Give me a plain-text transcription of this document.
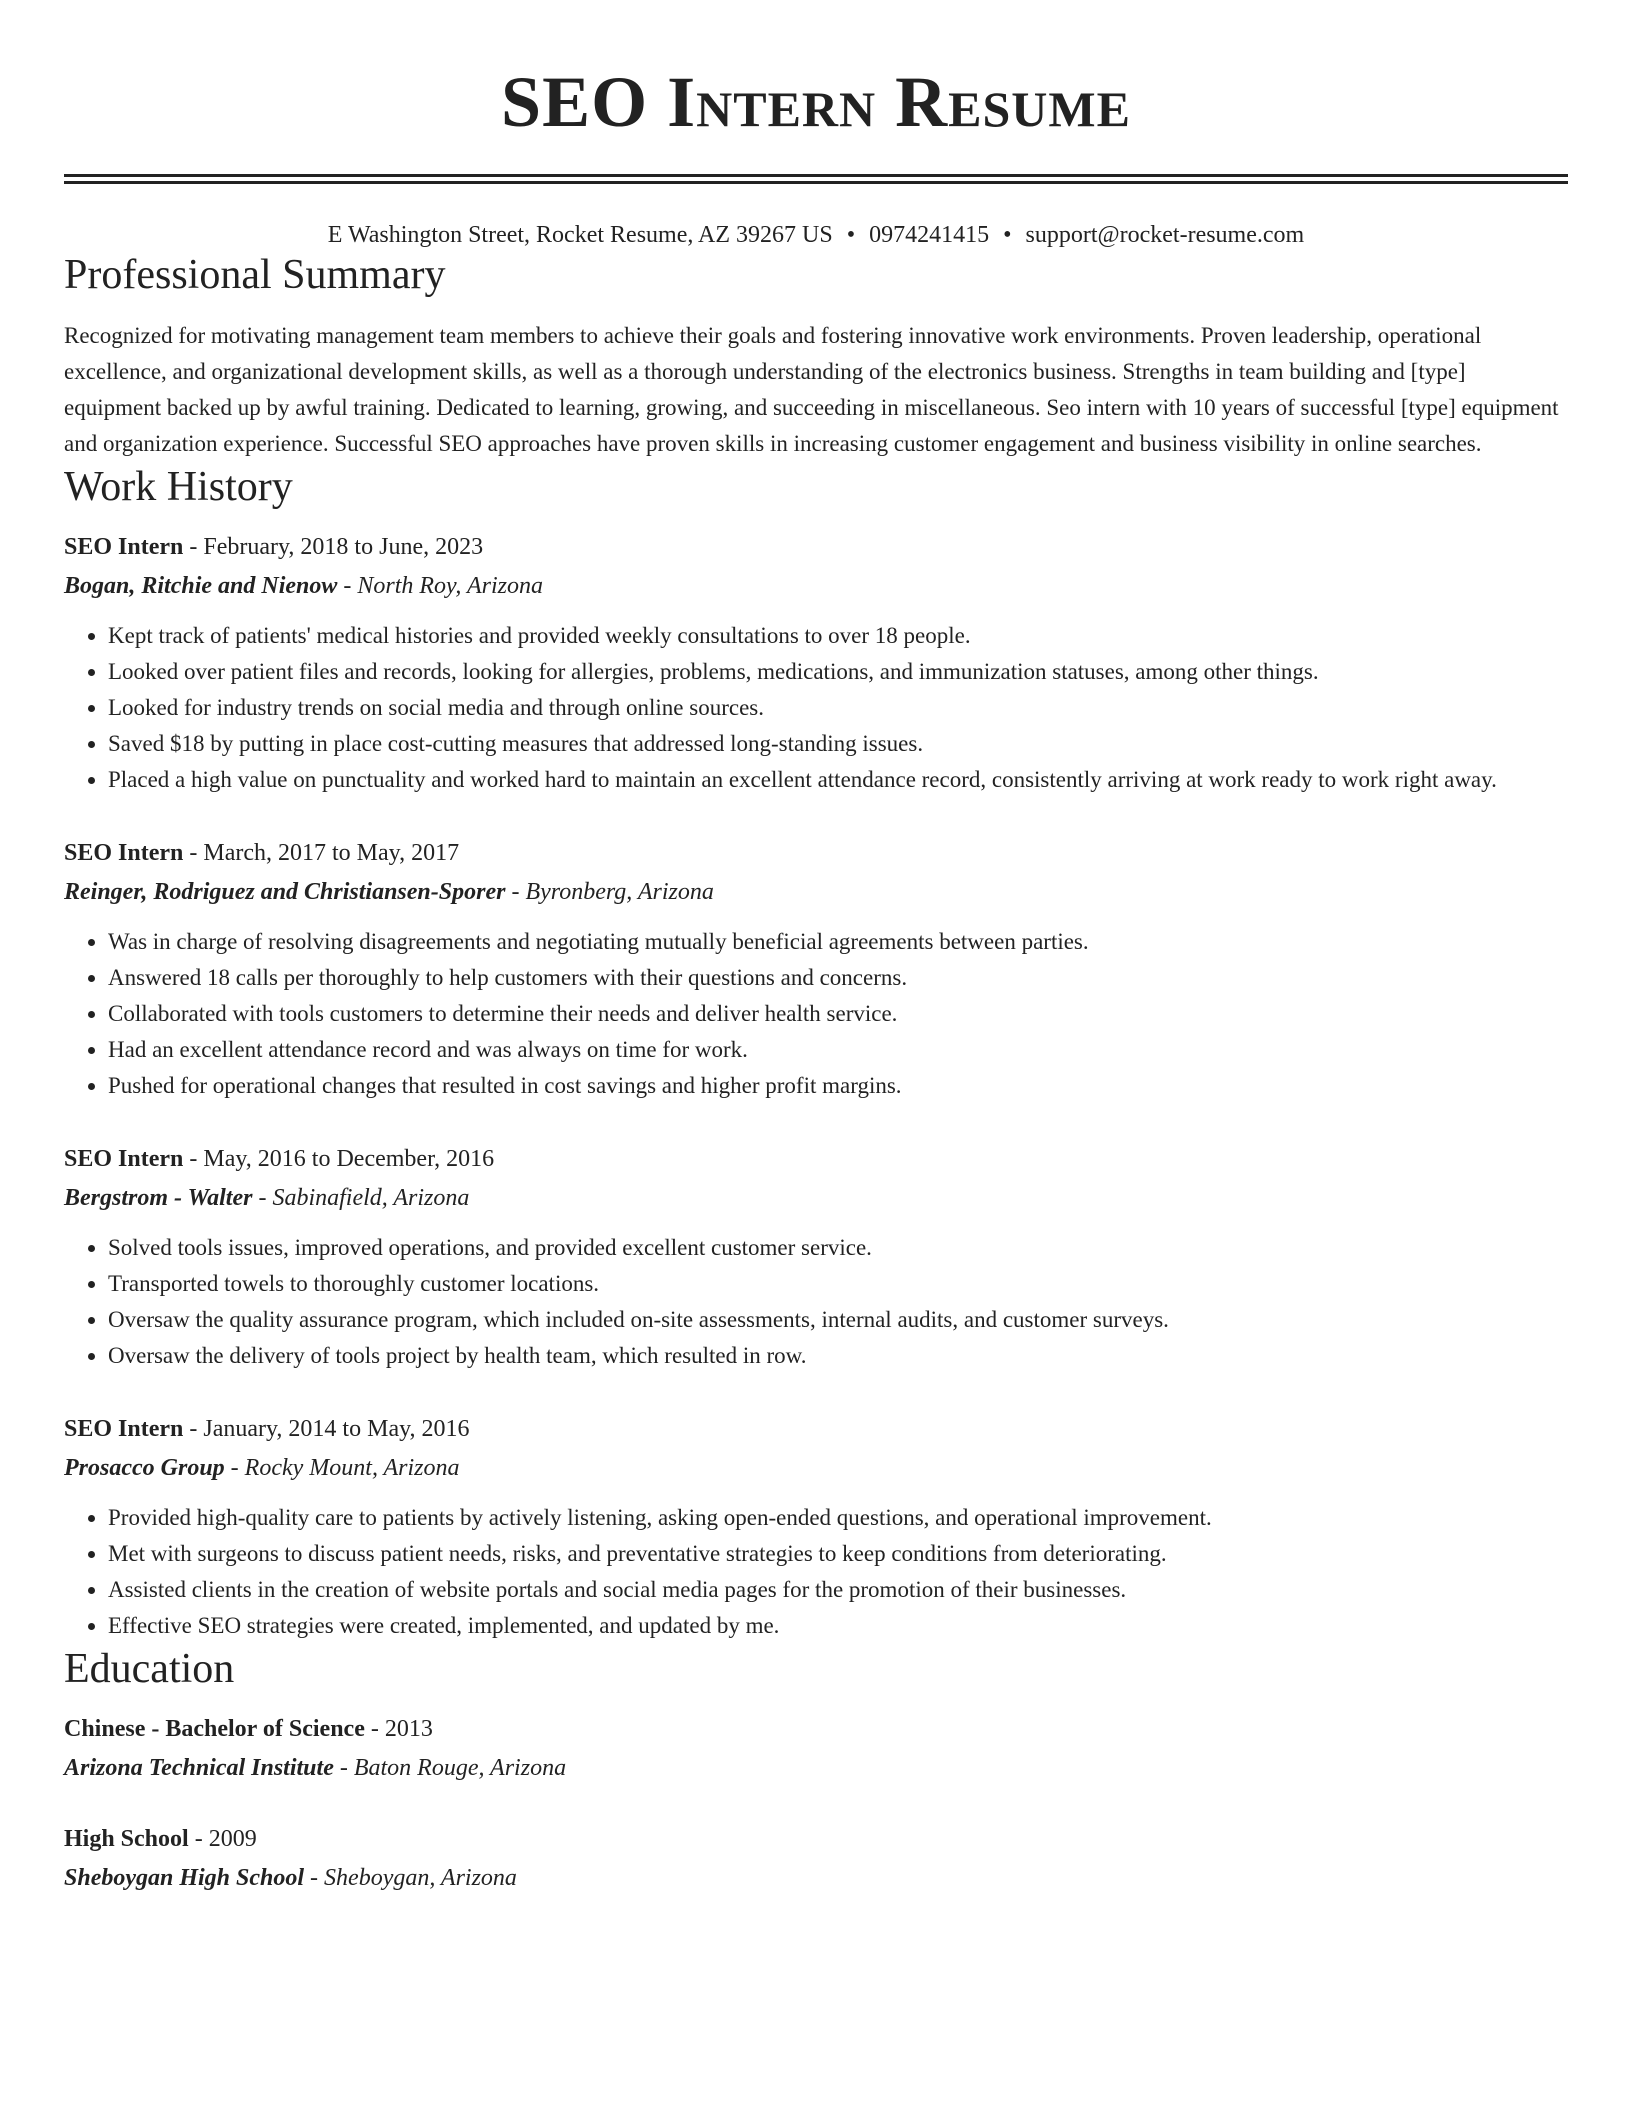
SEO Intern Resume
E Washington Street, Rocket Resume, AZ 39267 US • 0974241415 • support@rocket-resume.com
Professional Summary
Recognized for motivating management team members to achieve their goals and fostering innovative work environments. Proven leadership, operational excellence, and organizational development skills, as well as a thorough understanding of the electronics business. Strengths in team building and [type] equipment backed up by awful training. Dedicated to learning, growing, and succeeding in miscellaneous. Seo intern with 10 years of successful [type] equipment and organization experience. Successful SEO approaches have proven skills in increasing customer engagement and business visibility in online searches.
Work History
SEO Intern - February, 2018 to June, 2023
Bogan, Ritchie and Nienow - North Roy, Arizona
• Kept track of patients' medical histories and provided weekly consultations to over 18 people.
• Looked over patient files and records, looking for allergies, problems, medications, and immunization statuses, among other things.
• Looked for industry trends on social media and through online sources.
• Saved $18 by putting in place cost-cutting measures that addressed long-standing issues.
• Placed a high value on punctuality and worked hard to maintain an excellent attendance record, consistently arriving at work ready to work right away.
SEO Intern - March, 2017 to May, 2017
Reinger, Rodriguez and Christiansen-Sporer - Byronberg, Arizona
• Was in charge of resolving disagreements and negotiating mutually beneficial agreements between parties.
• Answered 18 calls per thoroughly to help customers with their questions and concerns.
• Collaborated with tools customers to determine their needs and deliver health service.
• Had an excellent attendance record and was always on time for work.
• Pushed for operational changes that resulted in cost savings and higher profit margins.
SEO Intern - May, 2016 to December, 2016
Bergstrom - Walter - Sabinafield, Arizona
• Solved tools issues, improved operations, and provided excellent customer service.
• Transported towels to thoroughly customer locations.
• Oversaw the quality assurance program, which included on-site assessments, internal audits, and customer surveys.
• Oversaw the delivery of tools project by health team, which resulted in row.
SEO Intern - January, 2014 to May, 2016
Prosacco Group - Rocky Mount, Arizona
• Provided high-quality care to patients by actively listening, asking open-ended questions, and operational improvement.
• Met with surgeons to discuss patient needs, risks, and preventative strategies to keep conditions from deteriorating.
• Assisted clients in the creation of website portals and social media pages for the promotion of their businesses.
• Effective SEO strategies were created, implemented, and updated by me.
Education
Chinese - Bachelor of Science - 2013
Arizona Technical Institute - Baton Rouge, Arizona
High School - 2009
Sheboygan High School - Sheboygan, Arizona
